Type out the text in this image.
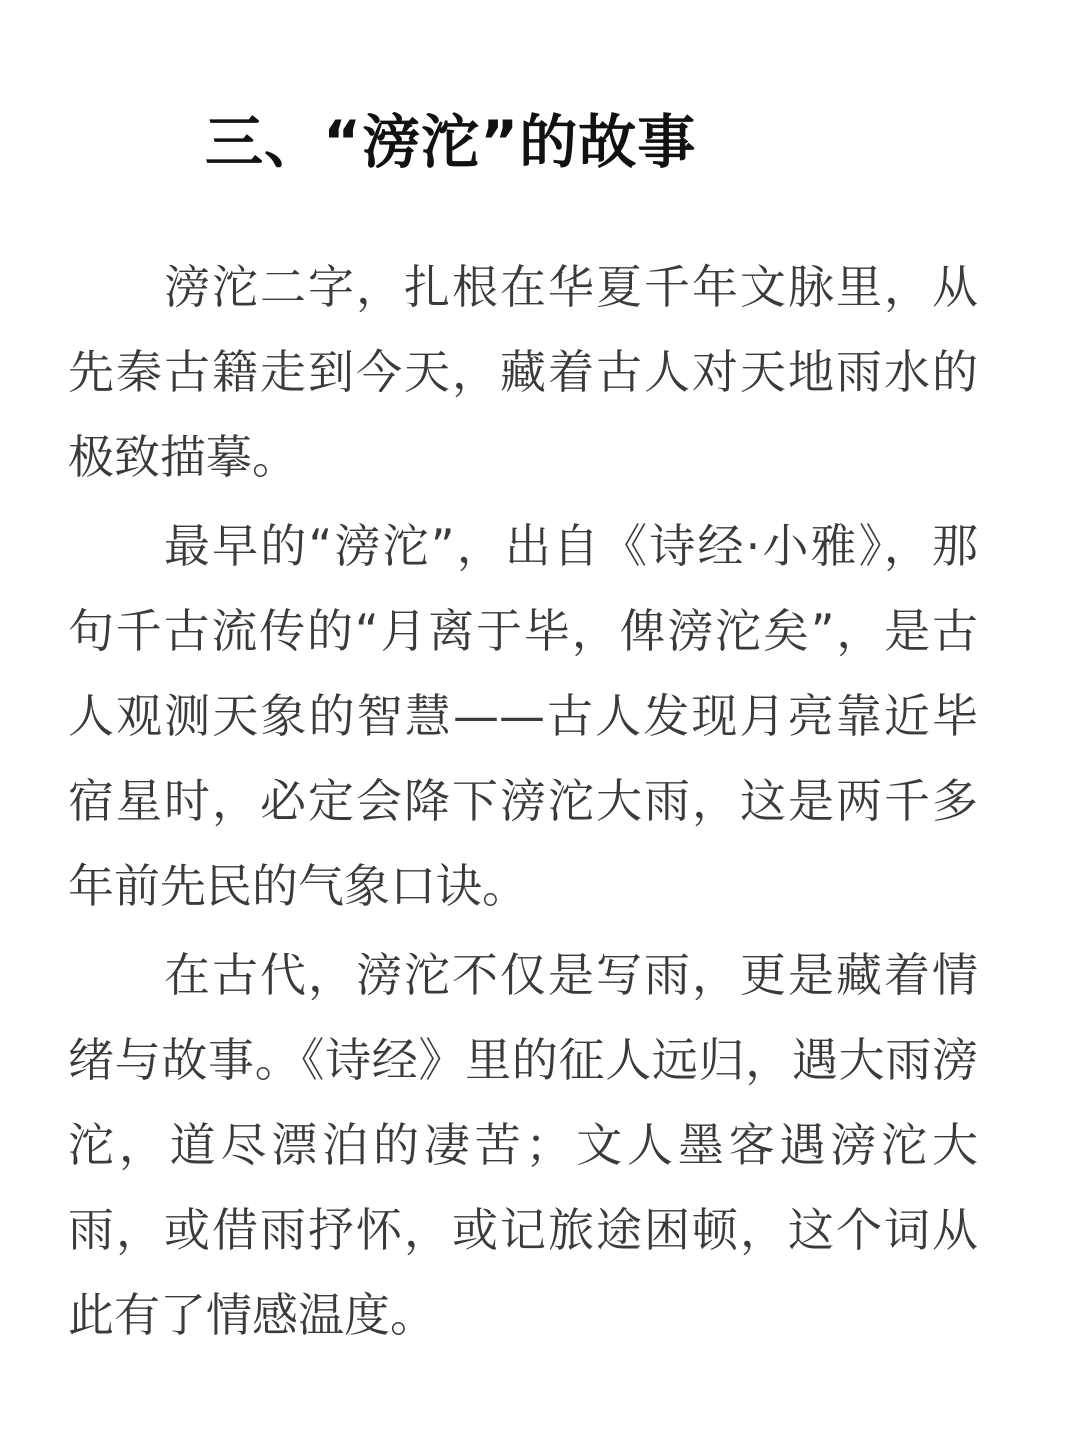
三、“滂沱”的故事

滂沱二字，扎根在华夏千年文脉里，从先秦古籍走到今天，藏着古人对天地雨水的极致描摹。

最早的“滂沱”，出自《诗经·小雅》，那句千古流传的“月离于毕，俾滂沱矣”，是古人观测天象的智慧——古人发现月亮靠近毕宿星时，必定会降下滂沱大雨，这是两千多年前先民的气象口诀。

在古代，滂沱不仅是写雨，更是藏着情绪与故事。《诗经》里的征人远归，遇大雨滂沱，道尽漂泊的凄苦；文人墨客遇滂沱大雨，或借雨抒怀，或记旅途困顿，这个词从此有了情感温度。
